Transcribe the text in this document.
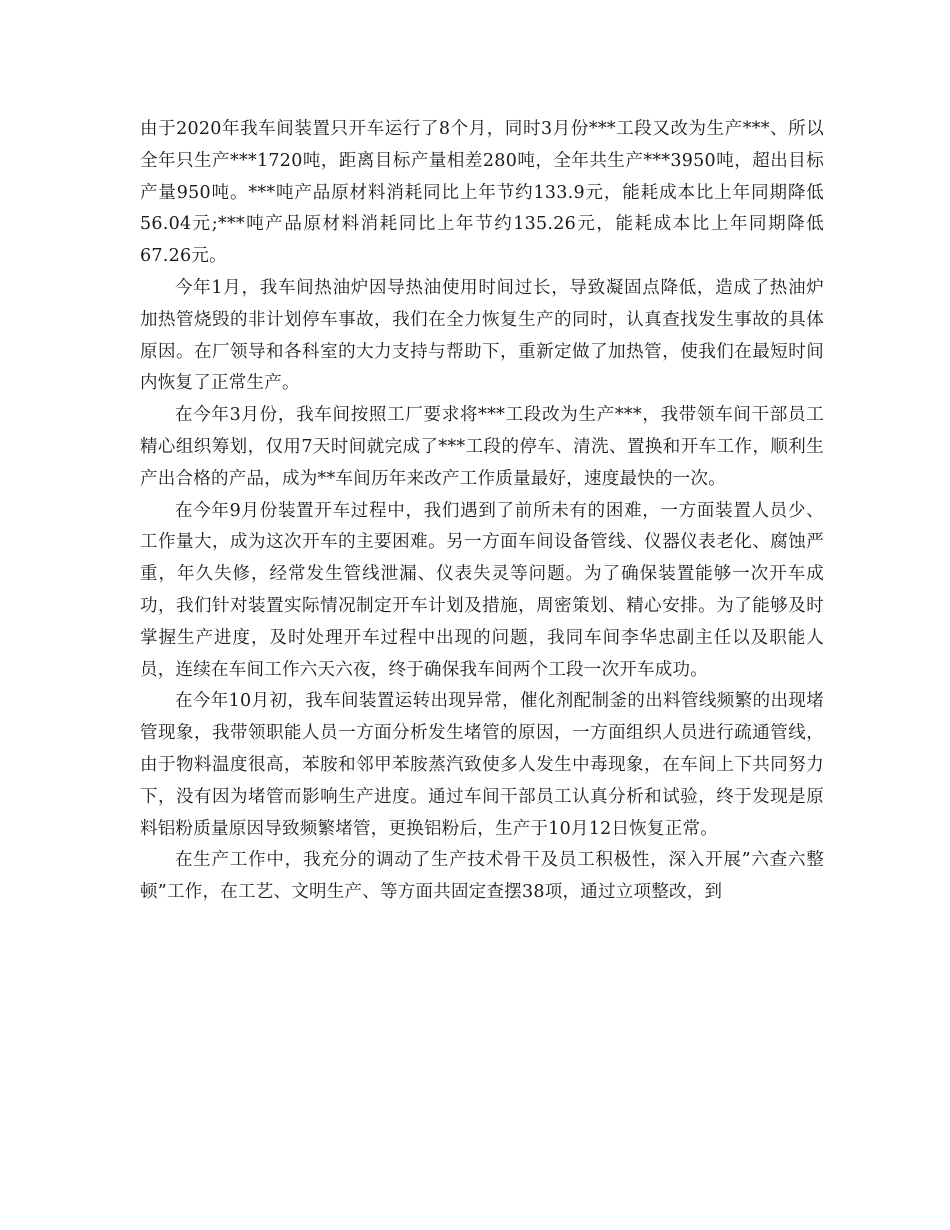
由于2020年我车间装置只开车运行了8个月，同时3月份***工段又改为生产***、所以全年只生产***1720吨，距离目标产量相差280吨，全年共生产***3950吨，超出目标产量950吨。***吨产品原材料消耗同比上年节约133.9元，能耗成本比上年同期降低56.04元;***吨产品原材料消耗同比上年节约135.26元，能耗成本比上年同期降低67.26元。

今年1月，我车间热油炉因导热油使用时间过长，导致凝固点降低，造成了热油炉加热管烧毁的非计划停车事故，我们在全力恢复生产的同时，认真查找发生事故的具体原因。在厂领导和各科室的大力支持与帮助下，重新定做了加热管，使我们在最短时间内恢复了正常生产。

在今年3月份，我车间按照工厂要求将***工段改为生产***，我带领车间干部员工精心组织筹划，仅用7天时间就完成了***工段的停车、清洗、置换和开车工作，顺利生产出合格的产品，成为**车间历年来改产工作质量最好，速度最快的一次。

在今年9月份装置开车过程中，我们遇到了前所未有的困难，一方面装置人员少、工作量大，成为这次开车的主要困难。另一方面车间设备管线、仪器仪表老化、腐蚀严重，年久失修，经常发生管线泄漏、仪表失灵等问题。为了确保装置能够一次开车成功，我们针对装置实际情况制定开车计划及措施，周密策划、精心安排。为了能够及时掌握生产进度，及时处理开车过程中出现的问题，我同车间李华忠副主任以及职能人员，连续在车间工作六天六夜，终于确保我车间两个工段一次开车成功。

在今年10月初，我车间装置运转出现异常，催化剂配制釜的出料管线频繁的出现堵管现象，我带领职能人员一方面分析发生堵管的原因，一方面组织人员进行疏通管线，由于物料温度很高，苯胺和邻甲苯胺蒸汽致使多人发生中毒现象，在车间上下共同努力下，没有因为堵管而影响生产进度。通过车间干部员工认真分析和试验，终于发现是原料铝粉质量原因导致频繁堵管，更换铝粉后，生产于10月12日恢复正常。

在生产工作中，我充分的调动了生产技术骨干及员工积极性，深入开展”六查六整顿”工作，在工艺、文明生产、等方面共固定查摆38项，通过立项整改，到
